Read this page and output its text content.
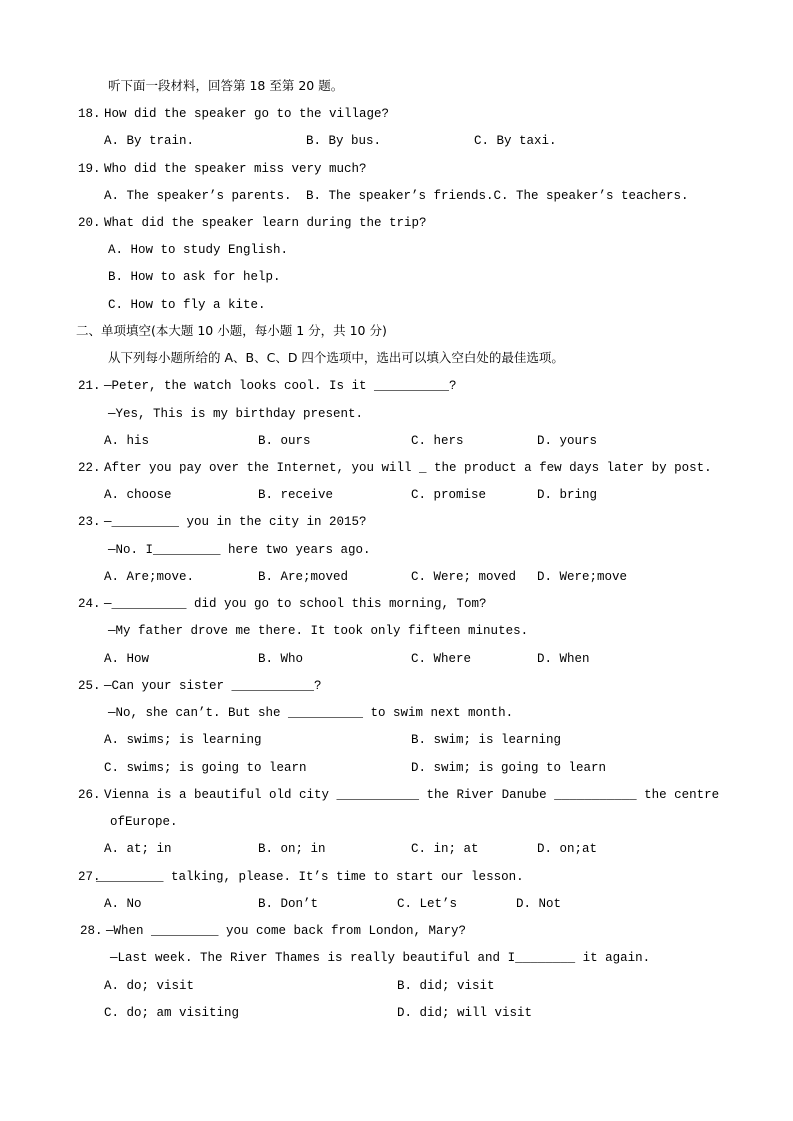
听下面一段材料，回答第 18 至第 20 题。
18. How did the speaker go to the village?
A. By train.	B. By bus.	C. By taxi.
19. Who did the speaker miss very much?
A. The speaker’s parents. B. The speaker’s friends.C. The speaker’s teachers.
20. What did the speaker learn during the trip?
A. How to study English.
B. How to ask for help.
C. How to fly a kite.
二、单项填空(本大题 10 小题，每小题 1 分，共 10 分)
从下列每小题所给的 A、B、C、D 四个选项中，选出可以填入空白处的最佳选项。
21. —Peter, the watch looks cool. Is it __________?
—Yes, This is my birthday present.
A. his	B. ours	C. hers	D. yours
22. After you pay over the Internet, you will _ the product a few days later by post.
A. choose	B. receive	C. promise	D. bring
23. —_________ you in the city in 2015?
—No. I_________ here two years ago.
A. Are;move.	B. Are;moved	C. Were; moved D. Were;move
24. —__________ did you go to school this morning, Tom?
—My father drove me there. It took only fifteen minutes.
A. How	B. Who	C. Where	D. When
25. —Can your sister ___________?
—No, she can’t. But she __________ to swim next month.
A. swims; is learning	B. swim; is learning
C. swims; is going to learn	D. swim; is going to learn
26. Vienna is a beautiful old city ___________ the River Danube ___________ the centre
ofEurope.
A. at; in	B. on; in	C. in; at	D. on;at
27.
_________ talking, please. It’s time to start our lesson.
A. No	B. Don’t	C. Let’s	D. Not
28. —When _________ you come back from London, Mary?
—Last week. The River Thames is really beautiful and I________ it again.
A. do; visit	B. did; visit
C. do; am visiting	D. did; will visit
